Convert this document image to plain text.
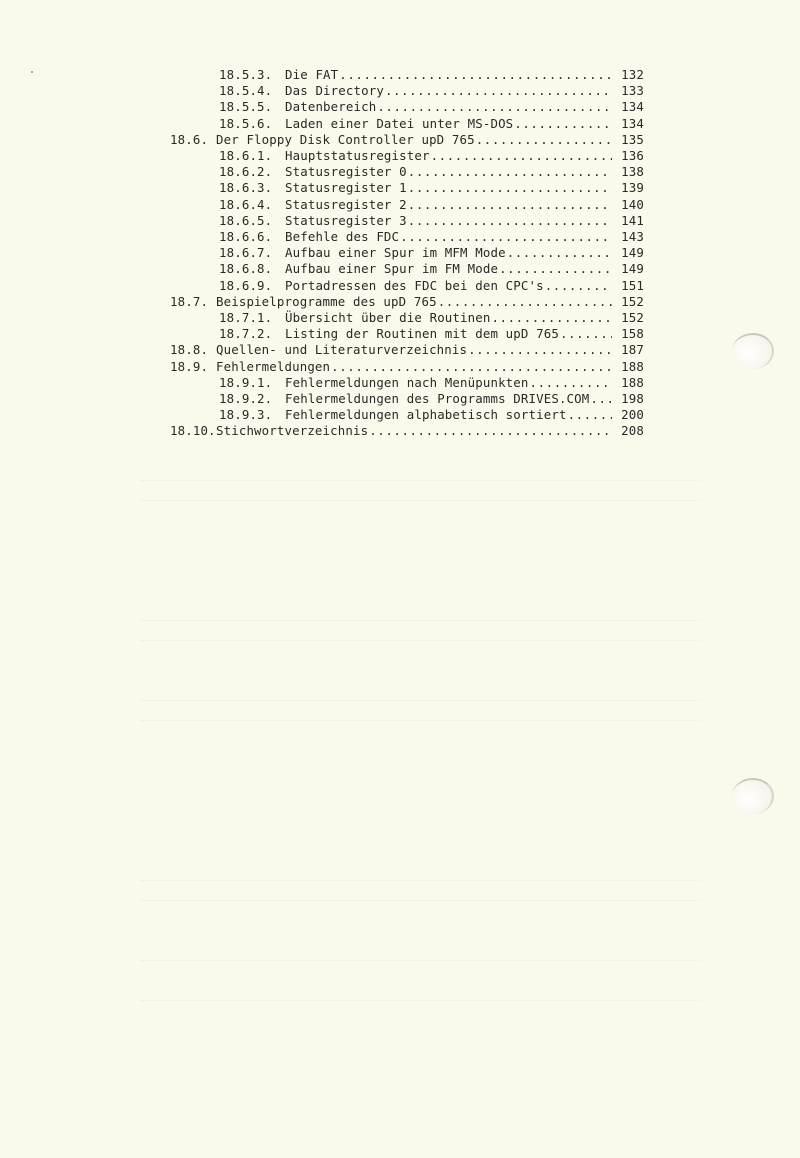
18.5.3.	Die FAT .....	132
18.5.4.	Das Directory .....	133
18.5.5.	Datenbereich .....	134
18.5.6.	Laden einer Datei unter MS-DOS .....	134
18.6. Der Floppy Disk Controller upD 765 .....	135
18.6.1.	Hauptstatusregister .....	136
18.6.2.	Statusregister 0 .....	138
18.6.3.	Statusregister 1 .....	139
18.6.4.	Statusregister 2 .....	140
18.6.5.	Statusregister 3 .....	141
18.6.6.	Befehle des FDC .....	143
18.6.7.	Aufbau einer Spur im MFM Mode .....	149
18.6.8.	Aufbau einer Spur im FM Mode .....	149
18.6.9.	Portadressen des FDC bei den CPC's .....	151
18.7. Beispielprogramme des upD 765 .....	152
18.7.1.	Übersicht über die Routinen .....	152
18.7.2.	Listing der Routinen mit dem upD 765 .....	158
18.8. Quellen- und Literaturverzeichnis .....	187
18.9. Fehlermeldungen .....	188
18.9.1.	Fehlermeldungen nach Menüpunkten .....	188
18.9.2.	Fehlermeldungen des Programms DRIVES.COM .....	198
18.9.3.	Fehlermeldungen alphabetisch sortiert .....	200
18.10. Stichwortverzeichnis .....	208
